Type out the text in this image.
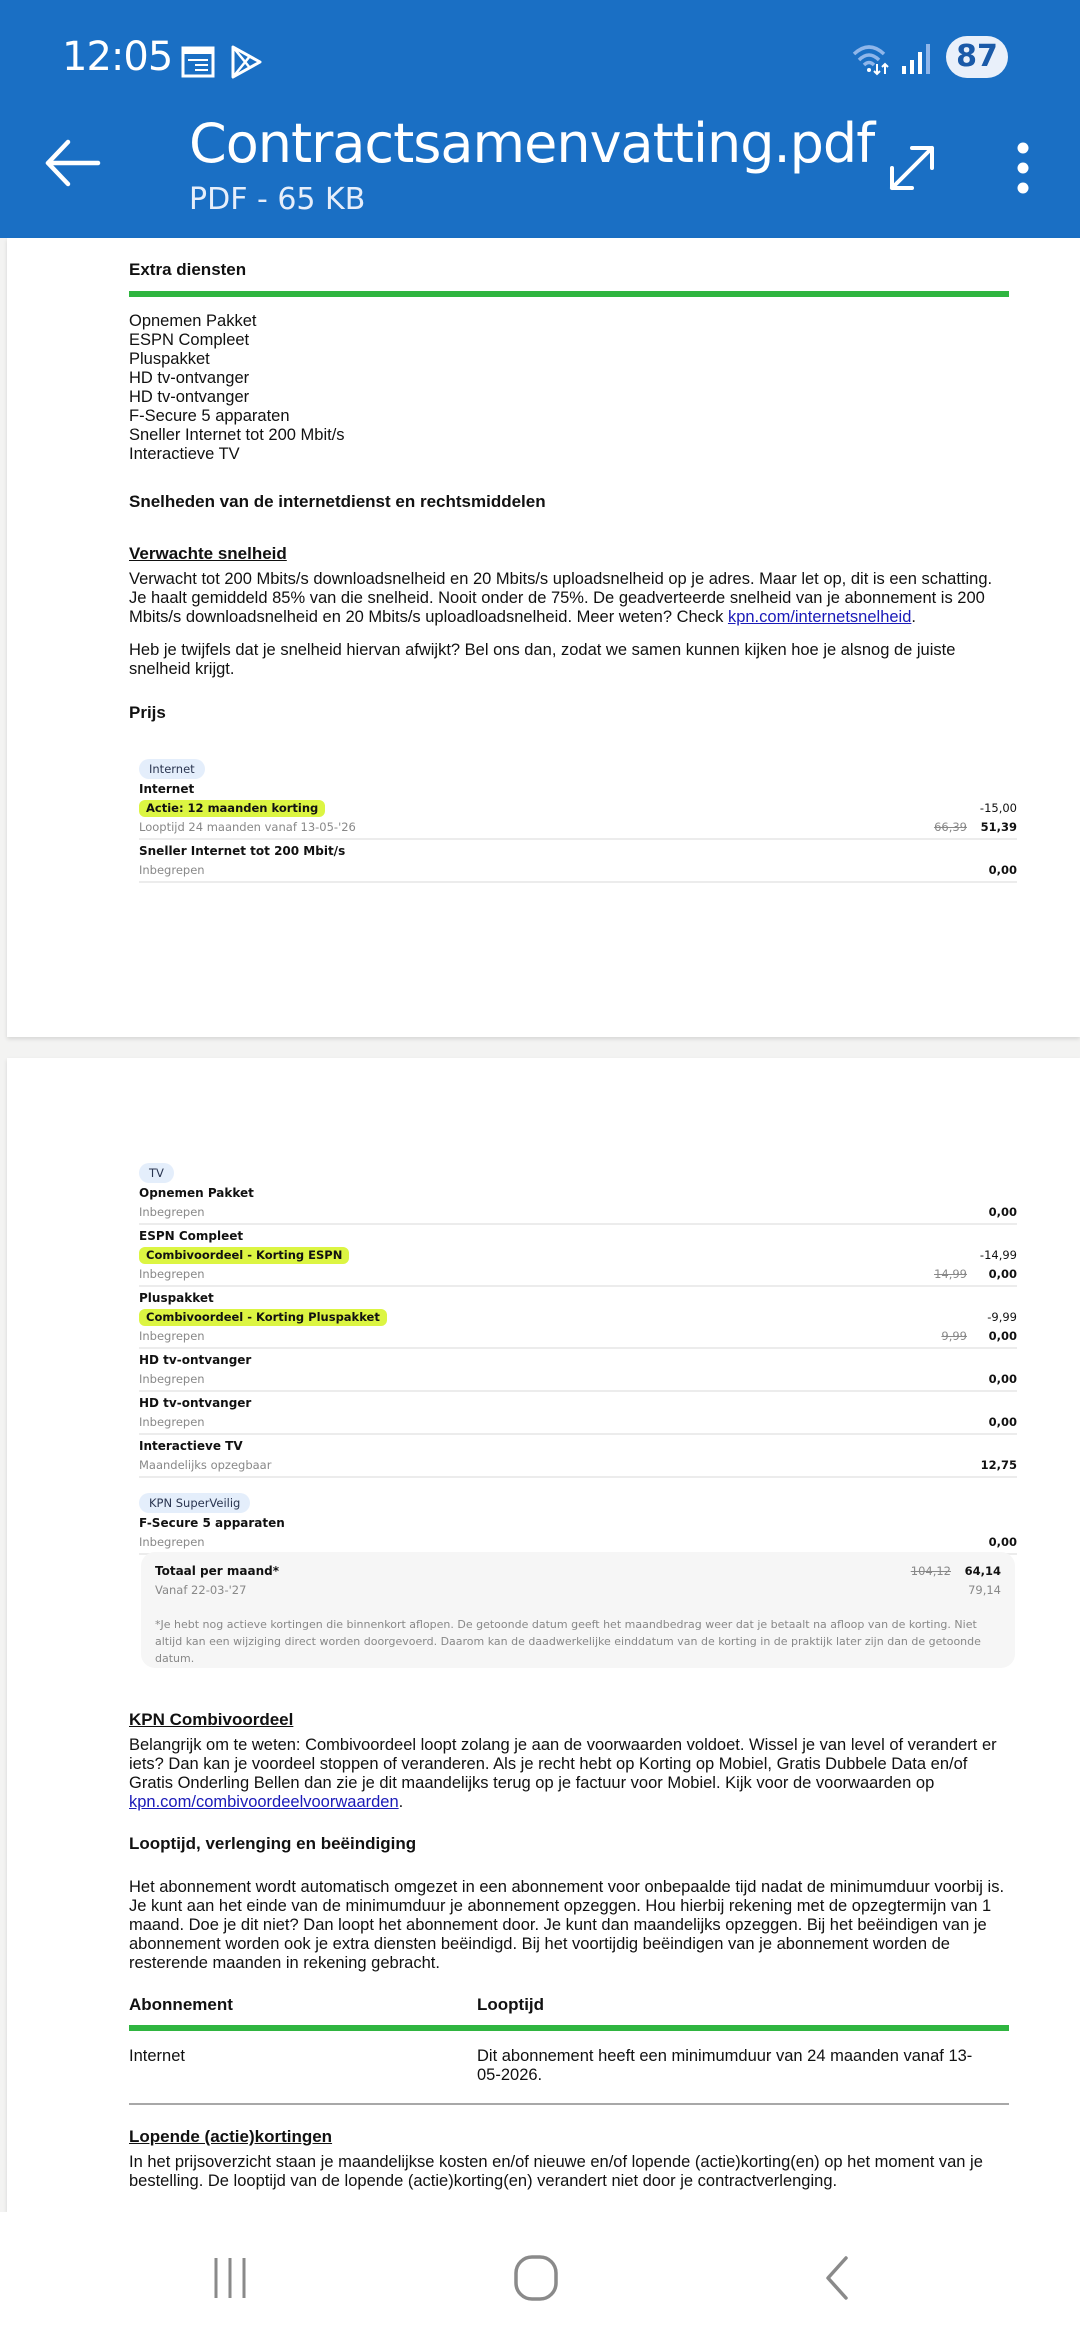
12:05	87
Contractsamenvatting.pdf
PDF - 65 KB
Extra diensten
Opnemen Pakket
ESPN Compleet
Pluspakket
HD tv-ontvanger
HD tv-ontvanger
F-Secure 5 apparaten
Sneller Internet tot 200 Mbit/s
Interactieve TV
Snelheden van de internetdienst en rechtsmiddelen
Verwachte snelheid
Verwacht tot 200 Mbits/s downloadsnelheid en 20 Mbits/s uploadsnelheid op je adres. Maar let op, dit is een schatting. Je haalt gemiddeld 85% van die snelheid. Nooit onder de 75%. De geadverteerde snelheid van je abonnement is 200 Mbits/s downloadsnelheid en 20 Mbits/s uploadloadsnelheid. Meer weten? Check kpn.com/internetsnelheid.
Heb je twijfels dat je snelheid hiervan afwijkt? Bel ons dan, zodat we samen kunnen kijken hoe je alsnog de juiste snelheid krijgt.
Prijs
Internet
Internet
Actie: 12 maanden korting	-15,00
Looptijd 24 maanden vanaf 13-05-'26	66,39 51,39
Sneller Internet tot 200 Mbit/s
Inbegrepen	0,00
TV
Opnemen Pakket
Inbegrepen	0,00
ESPN Compleet
Combivoordeel - Korting ESPN	-14,99
Inbegrepen	14,99 0,00
Pluspakket
Combivoordeel - Korting Pluspakket	-9,99
Inbegrepen	9,99 0,00
HD tv-ontvanger
Inbegrepen	0,00
HD tv-ontvanger
Inbegrepen	0,00
Interactieve TV
Maandelijks opzegbaar	12,75
KPN SuperVeilig
F-Secure 5 apparaten
Inbegrepen	0,00
Totaal per maand*	104,12 64,14
Vanaf 22-03-'27	79,14
*Je hebt nog actieve kortingen die binnenkort aflopen. De getoonde datum geeft het maandbedrag weer dat je betaalt na afloop van de korting. Niet altijd kan een wijziging direct worden doorgevoerd. Daarom kan de daadwerkelijke einddatum van de korting in de praktijk later zijn dan de getoonde datum.
KPN Combivoordeel
Belangrijk om te weten: Combivoordeel loopt zolang je aan de voorwaarden voldoet. Wissel je van level of verandert er iets? Dan kan je voordeel stoppen of veranderen. Als je recht hebt op Korting op Mobiel, Gratis Dubbele Data en/of Gratis Onderling Bellen dan zie je dit maandelijks terug op je factuur voor Mobiel. Kijk voor de voorwaarden op kpn.com/combivoordeelvoorwaarden.
Looptijd, verlenging en beëindiging
Het abonnement wordt automatisch omgezet in een abonnement voor onbepaalde tijd nadat de minimumduur voorbij is. Je kunt aan het einde van de minimumduur je abonnement opzeggen. Hou hierbij rekening met de opzegtermijn van 1 maand. Doe je dit niet? Dan loopt het abonnement door. Je kunt dan maandelijks opzeggen. Bij het beëindigen van je abonnement worden ook je extra diensten beëindigd. Bij het voortijdig beëindigen van je abonnement worden de resterende maanden in rekening gebracht.
Abonnement	Looptijd
Internet	Dit abonnement heeft een minimumduur van 24 maanden vanaf 13-05-2026.
Lopende (actie)kortingen
In het prijsoverzicht staan je maandelijkse kosten en/of nieuwe en/of lopende (actie)korting(en) op het moment van je bestelling. De looptijd van de lopende (actie)korting(en) verandert niet door je contractverlenging.
